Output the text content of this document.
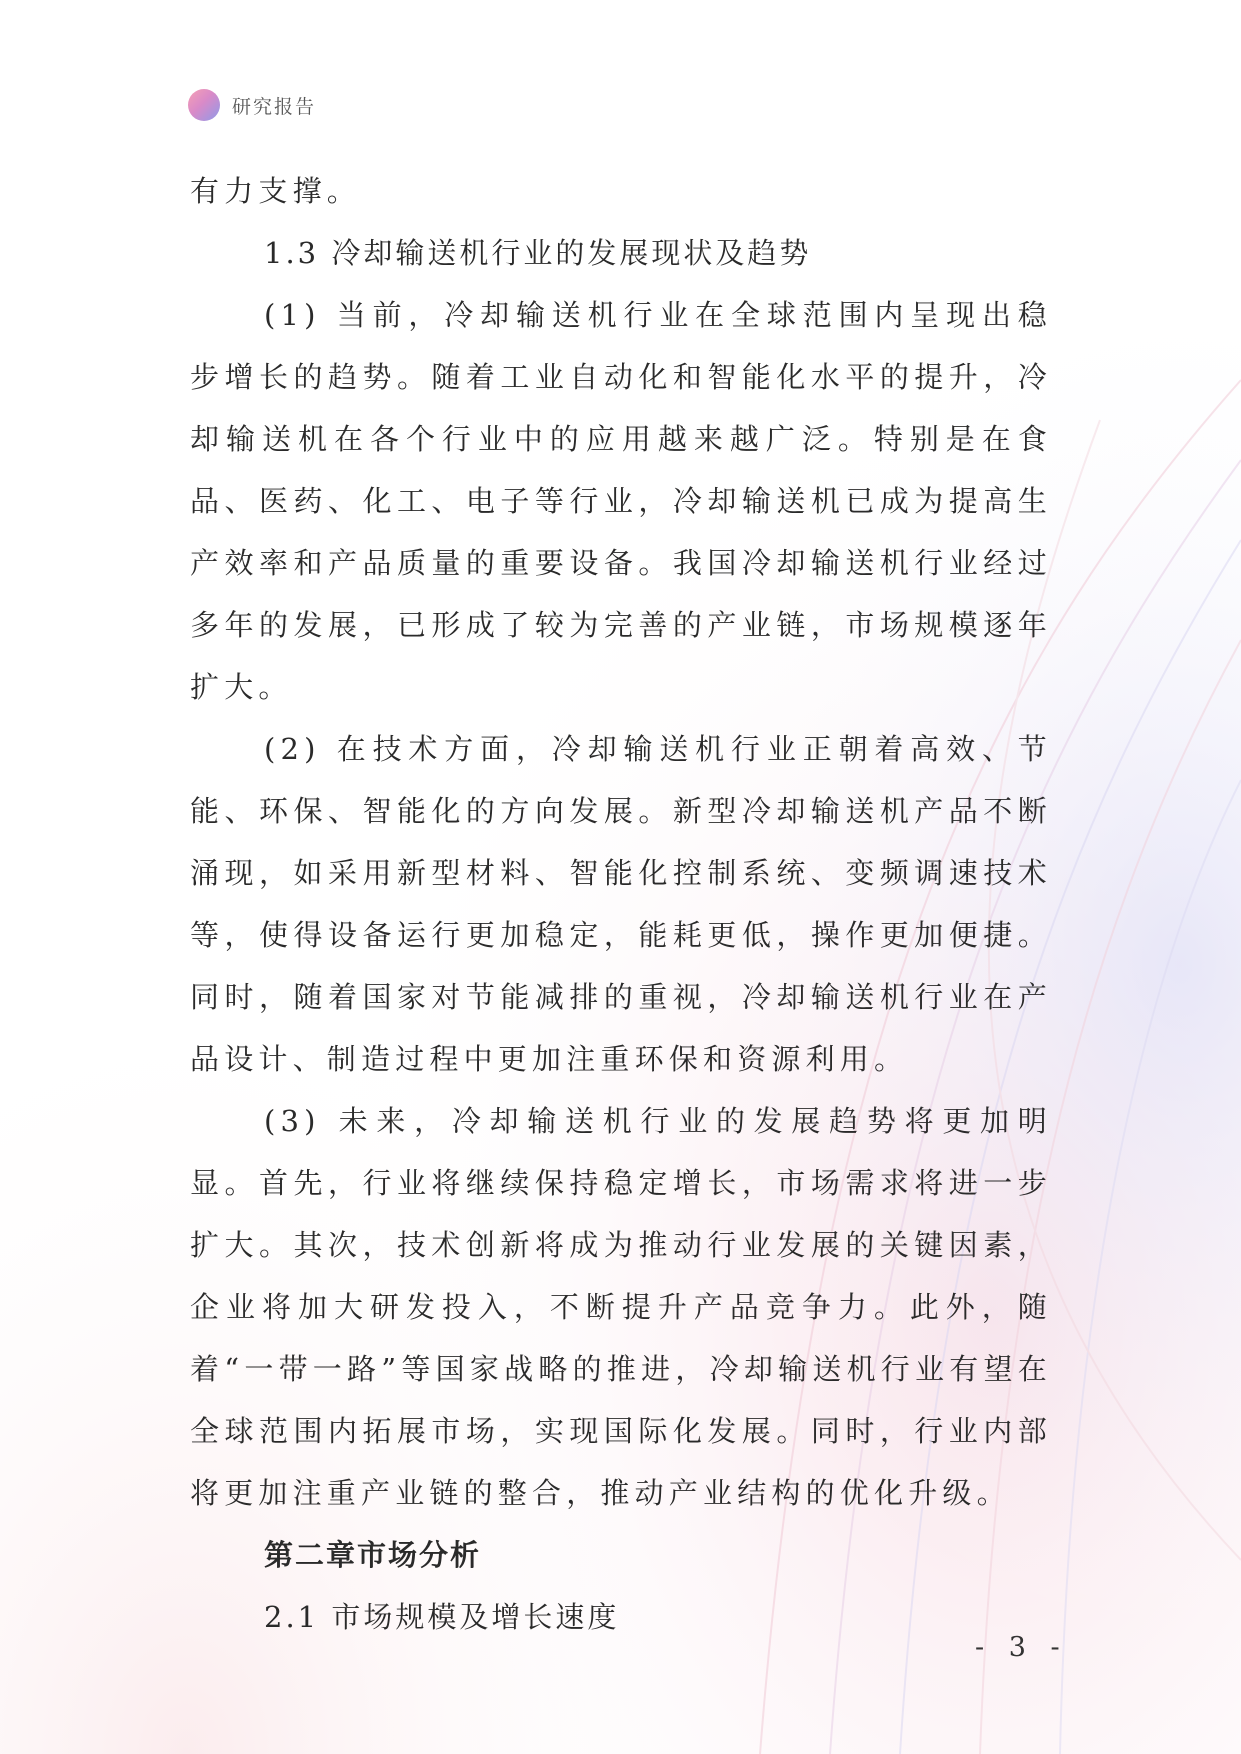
研究报告

有力支撑。

1.3 冷却输送机行业的发展现状及趋势

(1) 当前，冷却输送机行业在全球范围内呈现出稳步增长的趋势。随着工业自动化和智能化水平的提升，冷却输送机在各个行业中的应用越来越广泛。特别是在食品、医药、化工、电子等行业，冷却输送机已成为提高生产效率和产品质量的重要设备。我国冷却输送机行业经过多年的发展，已形成了较为完善的产业链，市场规模逐年扩大。

(2) 在技术方面，冷却输送机行业正朝着高效、节能、环保、智能化的方向发展。新型冷却输送机产品不断涌现，如采用新型材料、智能化控制系统、变频调速技术等，使得设备运行更加稳定，能耗更低，操作更加便捷。同时，随着国家对节能减排的重视，冷却输送机行业在产品设计、制造过程中更加注重环保和资源利用。

(3) 未来，冷却输送机行业的发展趋势将更加明显。首先，行业将继续保持稳定增长，市场需求将进一步扩大。其次，技术创新将成为推动行业发展的关键因素，企业将加大研发投入，不断提升产品竞争力。此外，随着“一带一路”等国家战略的推进，冷却输送机行业有望在全球范围内拓展市场，实现国际化发展。同时，行业内部将更加注重产业链的整合，推动产业结构的优化升级。

第二章市场分析

2.1 市场规模及增长速度

- 3 -
